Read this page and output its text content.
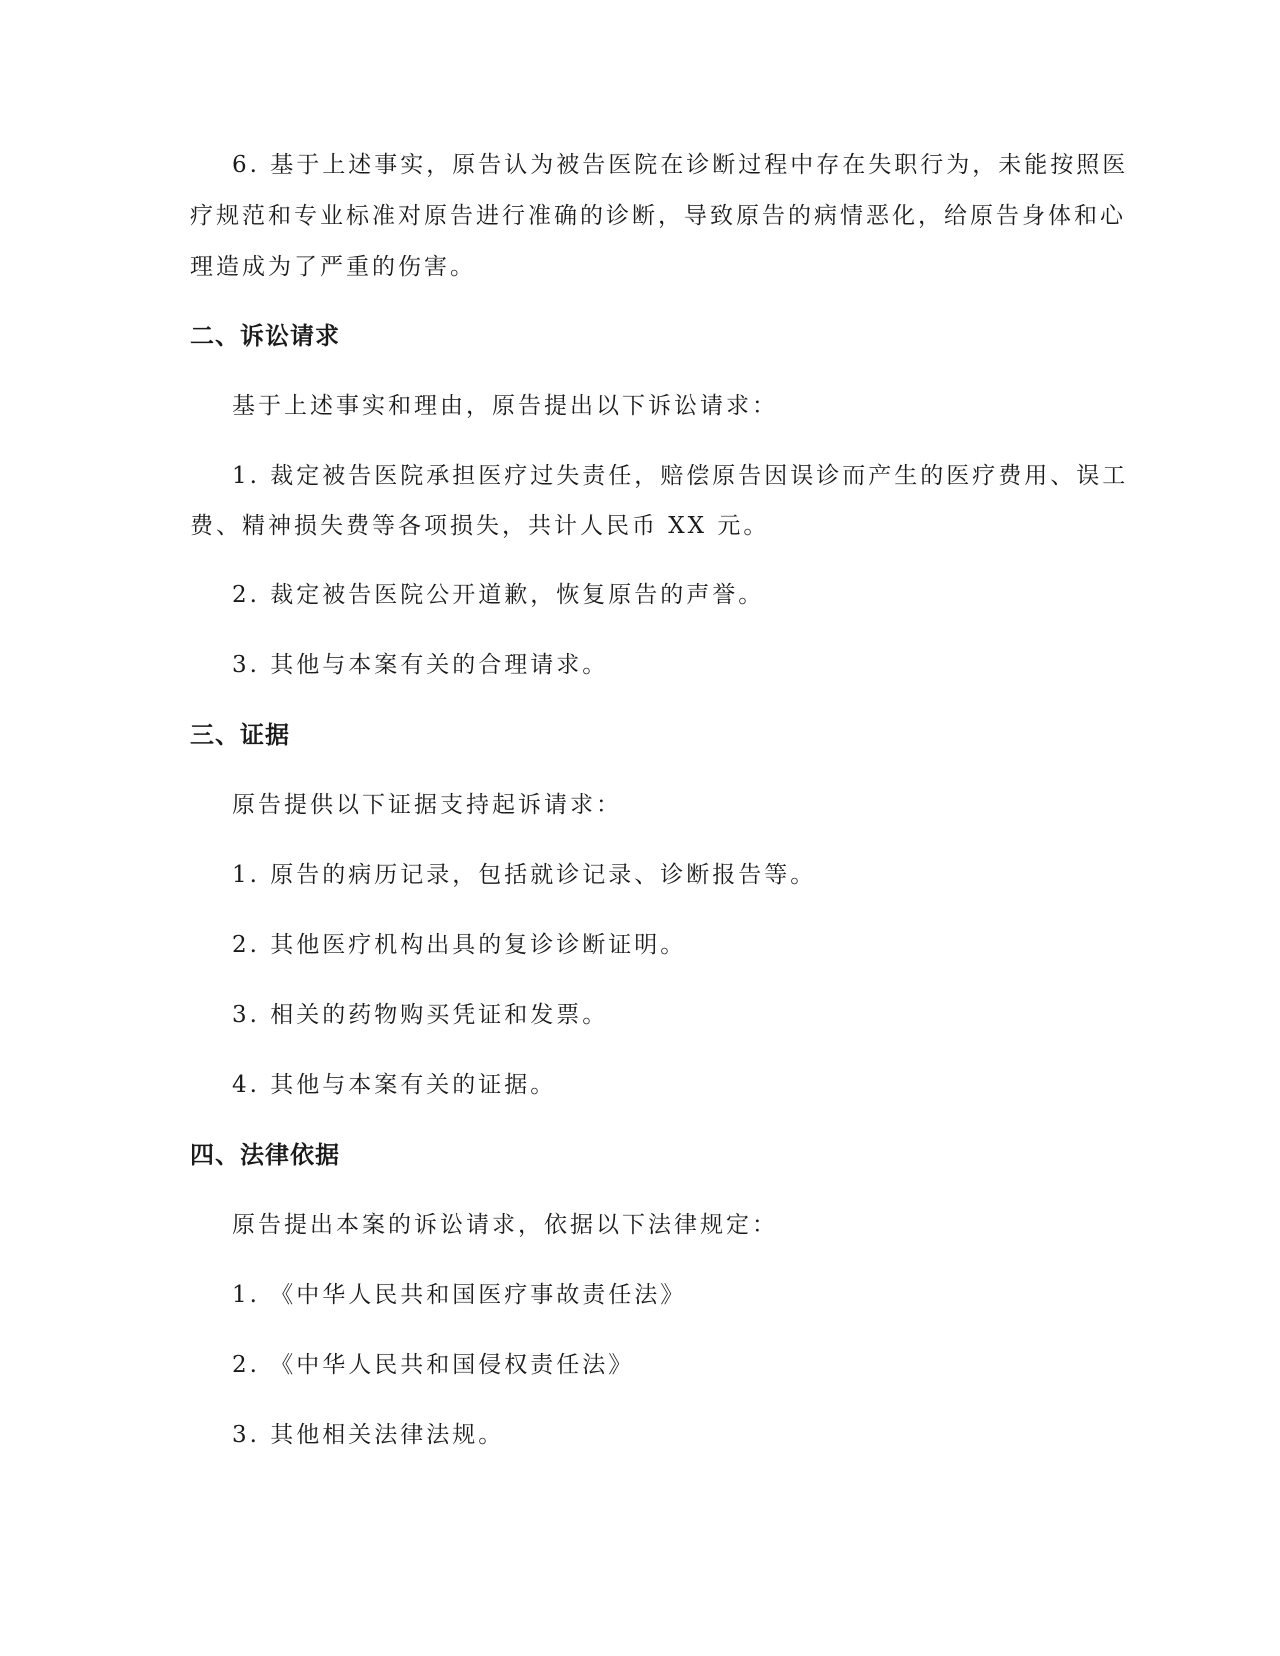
6. 基于上述事实，原告认为被告医院在诊断过程中存在失职行为，未能按照医
疗规范和专业标准对原告进行准确的诊断，导致原告的病情恶化，给原告身体和心
理造成为了严重的伤害。
二、诉讼请求
基于上述事实和理由，原告提出以下诉讼请求：
1. 裁定被告医院承担医疗过失责任，赔偿原告因误诊而产生的医疗费用、误工
费、精神损失费等各项损失，共计人民币 XX 元。
2. 裁定被告医院公开道歉，恢复原告的声誉。
3. 其他与本案有关的合理请求。
三、证据
原告提供以下证据支持起诉请求：
1. 原告的病历记录，包括就诊记录、诊断报告等。
2. 其他医疗机构出具的复诊诊断证明。
3. 相关的药物购买凭证和发票。
4. 其他与本案有关的证据。
四、法律依据
原告提出本案的诉讼请求，依据以下法律规定：
1. 《中华人民共和国医疗事故责任法》
2. 《中华人民共和国侵权责任法》
3. 其他相关法律法规。
